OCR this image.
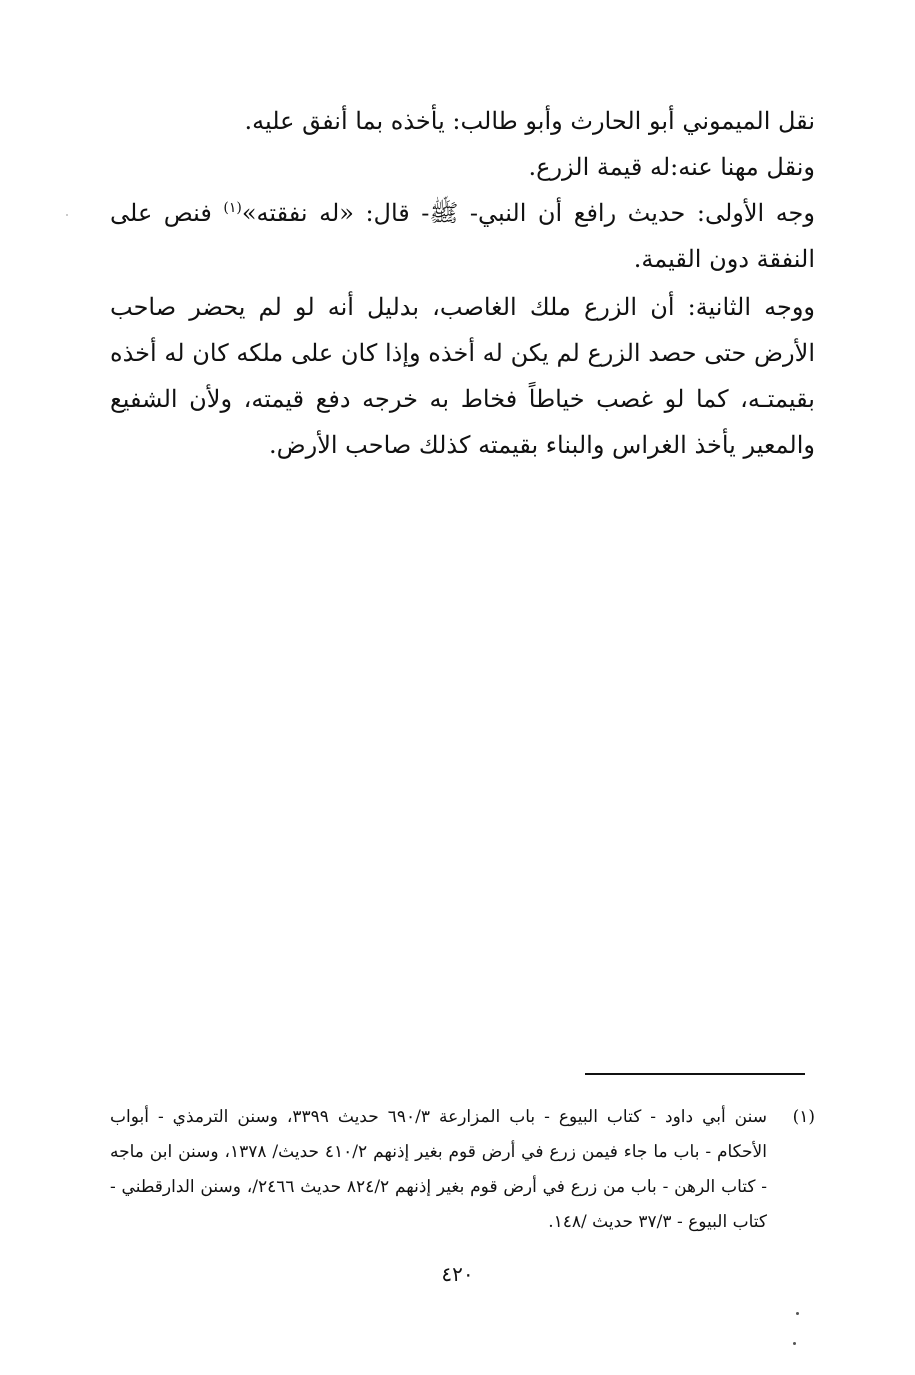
نقل الميموني أبو الحارث وأبو طالب: يأخذه بما أنفق عليه.

ونقل مهنا عنه:له قيمة الزرع.

وجه الأولى: حديث رافع أن النبي- ﷺ- قال: «له نفقته»$^{(١)}$ فنص على النفقة دون القيمة.

ووجه الثانية: أن الزرع ملك الغاصب، بدليل أنه لو لم يحضر صاحب الأرض حتى حصد الزرع لم يكن له أخذه وإذا كان على ملكه كان له أخذه بقيمتـه، كما لو غصب خياطاً فخاط به خرجه دفع قيمته، ولأن الشفيع والمعير يأخذ الغراس والبناء بقيمته كذلك صاحب الأرض.

(١)
سنن أبي داود - كتاب البيوع - باب المزارعة ٦٩٠/٣ حديث ٣٣٩٩، وسنن الترمذي - أبواب الأحكام - باب ما جاء فيمن زرع في أرض قوم بغير إذنهم ٤١٠/٢ حديث/ ١٣٧٨، وسنن ابن ماجه - كتاب الرهن - باب من زرع في أرض قوم بغير إذنهم ٨٢٤/٢ حديث ٢٤٦٦/، وسنن الدارقطني - كتاب البيوع - ٣٧/٣ حديث /١٤٨.
٤٢٠
